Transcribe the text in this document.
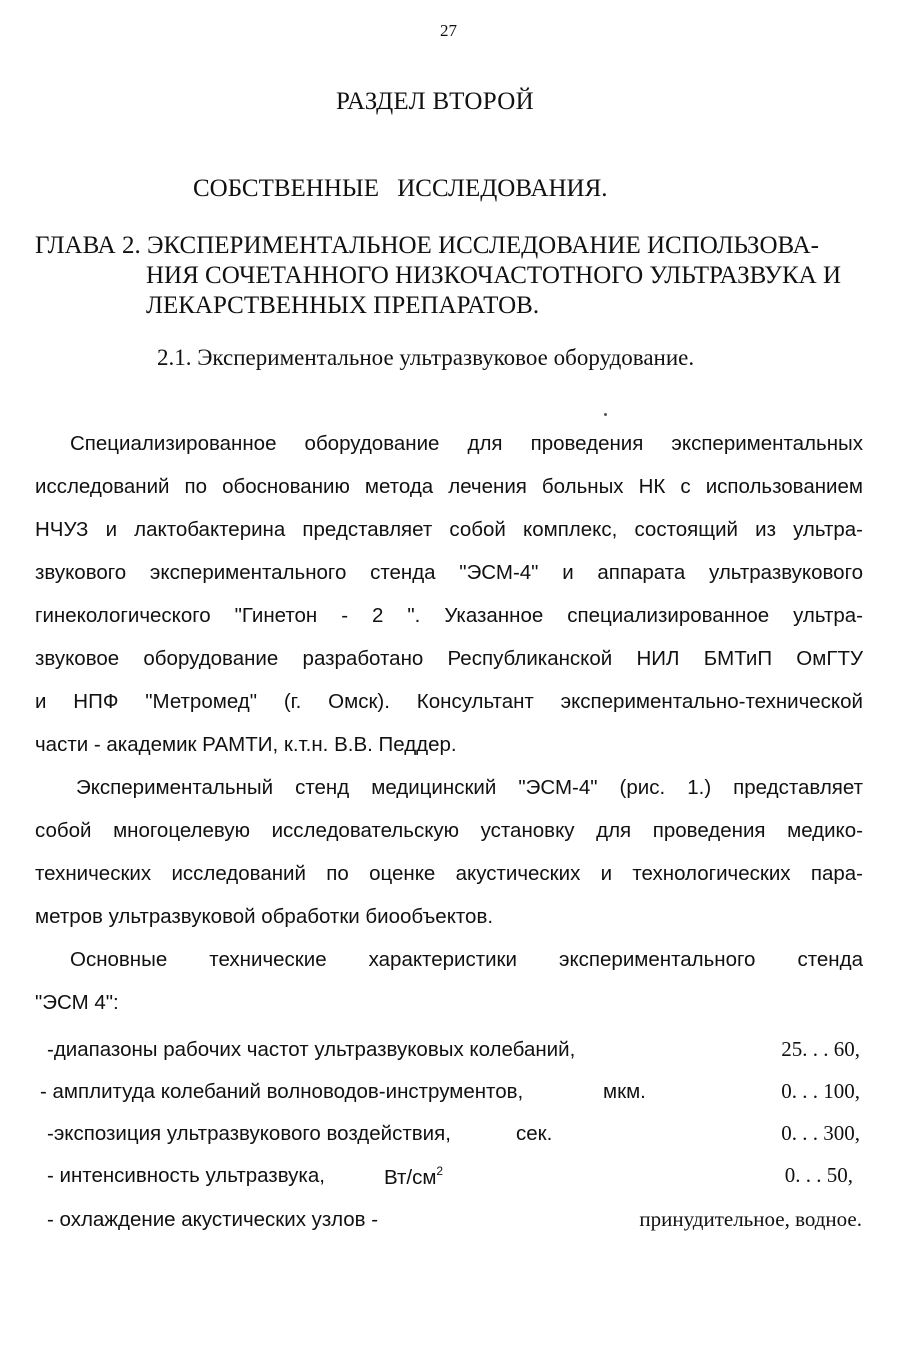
27
РАЗДЕЛ ВТОРОЙ
СОБСТВЕННЫЕ ИССЛЕДОВАНИЯ.
ГЛАВА 2. ЭКСПЕРИМЕНТАЛЬНОЕ ИССЛЕДОВАНИЕ ИСПОЛЬЗОВА-
НИЯ СОЧЕТАННОГО НИЗКОЧАСТОТНОГО УЛЬТРАЗВУКА И
ЛЕКАРСТВЕННЫХ ПРЕПАРАТОВ.
2.1. Экспериментальное ультразвуковое оборудование.
Специализированное оборудование для проведения экспериментальных
исследований по обоснованию метода лечения больных НК с использованием
НЧУЗ и лактобактерина представляет собой комплекс, состоящий из ультра-
звукового экспериментального стенда "ЭСМ-4" и аппарата ультразвукового
гинекологического "Гинетон - 2 ". Указанное специализированное ультра-
звуковое оборудование разработано Республиканской НИЛ БМТиП ОмГТУ
и НПФ "Метромед" (г. Омск). Консультант экспериментально-технической
части - академик РАМТИ, к.т.н. В.В. Педдер.
Экспериментальный стенд медицинский "ЭСМ-4" (рис. 1.) представляет
собой многоцелевую исследовательскую установку для проведения медико-
технических исследований по оценке акустических и технологических пара-
метров ультразвуковой обработки биообъектов.
Основные технические характеристики экспериментального стенда
"ЭСМ 4":
-диапазоны рабочих частот ультразвуковых колебаний,	25. . . 60,
- амплитуда колебаний волноводов-инструментов,	мкм.	0. . . 100,
-экспозиция ультразвукового воздействия,	сек.	0. . . 300,
- интенсивность ультразвука,	$Вт/см^2$	0. . . 50,
- охлаждение акустических узлов -	принудительное, водное.
